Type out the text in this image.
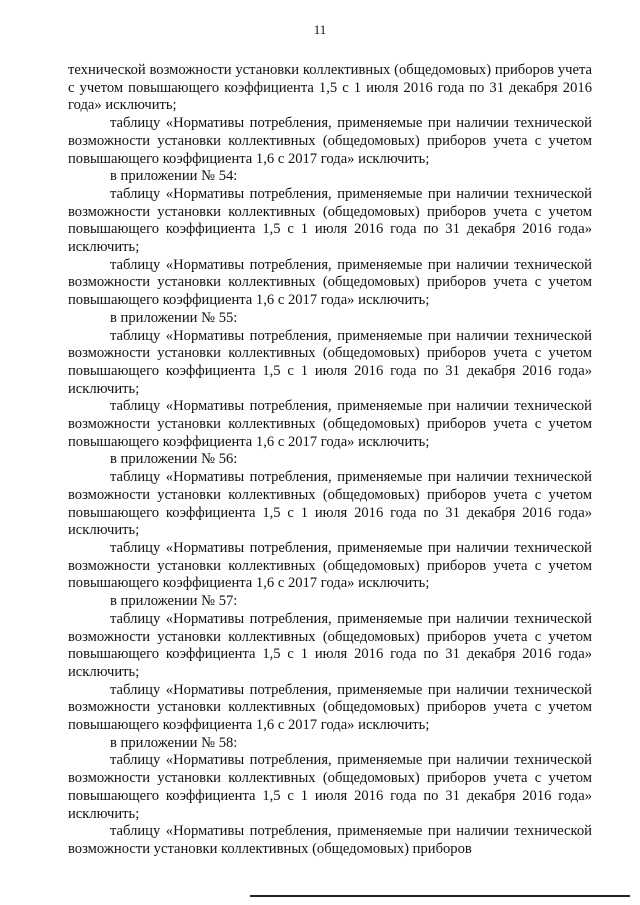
11

технической возможности установки коллективных (общедомовых) приборов учета с учетом повышающего коэффициента 1,5 с 1 июля 2016 года по 31 декабря 2016 года» исключить;

таблицу «Нормативы потребления, применяемые при наличии технической возможности установки коллективных (общедомовых) приборов учета с учетом повышающего коэффициента 1,6 с 2017 года» исключить;

в приложении № 54:

таблицу «Нормативы потребления, применяемые при наличии технической возможности установки коллективных (общедомовых) приборов учета с учетом повышающего коэффициента 1,5 с 1 июля 2016 года по 31 декабря 2016 года» исключить;

таблицу «Нормативы потребления, применяемые при наличии технической возможности установки коллективных (общедомовых) приборов учета с учетом повышающего коэффициента 1,6 с 2017 года» исключить;

в приложении № 55:

таблицу «Нормативы потребления, применяемые при наличии технической возможности установки коллективных (общедомовых) приборов учета с учетом повышающего коэффициента 1,5 с 1 июля 2016 года по 31 декабря 2016 года» исключить;

таблицу «Нормативы потребления, применяемые при наличии технической возможности установки коллективных (общедомовых) приборов учета с учетом повышающего коэффициента 1,6 с 2017 года» исключить;

в приложении № 56:

таблицу «Нормативы потребления, применяемые при наличии технической возможности установки коллективных (общедомовых) приборов учета с учетом повышающего коэффициента 1,5 с 1 июля 2016 года по 31 декабря 2016 года» исключить;

таблицу «Нормативы потребления, применяемые при наличии технической возможности установки коллективных (общедомовых) приборов учета с учетом повышающего коэффициента 1,6 с 2017 года» исключить;

в приложении № 57:

таблицу «Нормативы потребления, применяемые при наличии технической возможности установки коллективных (общедомовых) приборов учета с учетом повышающего коэффициента 1,5 с 1 июля 2016 года по 31 декабря 2016 года» исключить;

таблицу «Нормативы потребления, применяемые при наличии технической возможности установки коллективных (общедомовых) приборов учета с учетом повышающего коэффициента 1,6 с 2017 года» исключить;

в приложении № 58:

таблицу «Нормативы потребления, применяемые при наличии технической возможности установки коллективных (общедомовых) приборов учета с учетом повышающего коэффициента 1,5 с 1 июля 2016 года по 31 декабря 2016 года» исключить;

таблицу «Нормативы потребления, применяемые при наличии технической возможности установки коллективных (общедомовых) приборов
